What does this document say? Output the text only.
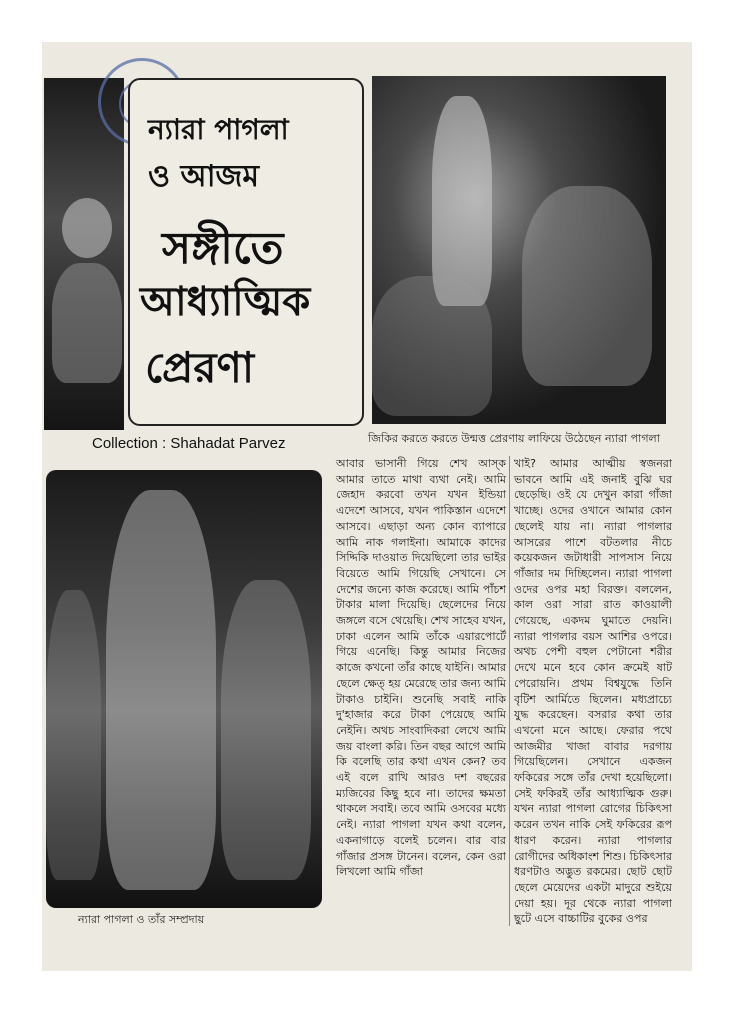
ন্যারা পাগলা
ও আজম
সঙ্গীতে
আধ্যাত্মিক
প্রেরণা
জিকির করতে করতে উন্মত্ত প্রেরণায় লাফিয়ে উঠেছেন ন্যারা পাগলা
Collection : Shahadat Parvez
ন্যারা পাগলা ও তাঁর সম্প্রদায়

আবার ভাসানী গিয়ে শেখ আস্‌ক আমার তাতে মাথা ব্যথা নেই। আমি জেহাদ করবো তখন যখন ইন্ডিয়া এদেশে আসবে, যখন পাকিস্তান এদেশে আসবে। এছাড়া অন্য কোন ব্যাপারে আমি নাক গলাইনা। আমাকে কাদের সিদ্দিকি দাওয়াত দিয়েছিলো তার ভাইর বিয়েতে আমি গিয়েছি সেখানে। সে দেশের জন্যে কাজ করেছে। আমি পাঁচশ টাকার মালা দিয়েছি। ছেলেদের নিয়ে জঙ্গলে বসে থেয়েছি। শেখ সাহেব যখন, ঢাকা এলেন আমি তাঁকে এয়ারপোর্টে গিয়ে এনেছি। কিন্তু আমার নিজের কাজে কখনো তাঁর কাছে যাইনি। আমার ছেলে ক্ষেত্‌ হয় মেরেছে তার জন্য আমি টাকাও চাইনি। শুনেছি সবাই নাকি দু'হাজার করে টাকা পেয়েছে আমি নেইনি। অথচ সাংবাদিকরা লেখে আমি জয় বাংলা করি। তিন বছর আগে আমি কি বলেছি তার কথা এখন কেন? তব এই বলে রাখি আরও দশ বছরের ম্যজিবের কিছু হবে না। তাদের ক্ষমতা থাকলে সবাই। তবে আমি ওসবের মধ্যে নেই। ন্যারা পাগলা যখন কথা বলেন, একনাগাড়ে বলেই চলেন। বার বার গাঁজার প্রসঙ্গ টানেন। বলেন, কেন ওরা লিখলো আমি গাঁজা

খাই? আমার আত্মীয় স্বজনরা ভাবনে আমি এই জনাই বুঝি ঘর ছেড়েছি। ওই যে দেখুন কারা গাঁজা খাচ্ছে। ওদের ওখানে আমার কোন ছেলেই যায় না। ন্যারা পাগলার আসরের পাশে বটতলার নীচে কয়েকজন জটাধারী সাপসাস নিয়ে গাঁজার দম দিচ্ছিলেন। ন্যারা পাগলা ওদের ওপর মহা বিরক্ত। বললেন, কাল ওরা সারা রাত কাওয়ালী গেয়েছে, একদম ঘুমাতে দেয়নি। ন্যারা পাগলার বয়স আশির ওপরে। অথচ পেশী বহুল পেটানো শরীর দেখে মনে হবে কোন ক্রমেই ষাট পেরোয়নি। প্রথম বিশ্বযুদ্ধে তিনি বৃটিশ আর্মিতে ছিলেন। মধ্যপ্রাচ্যে যুদ্ধ করেছেন। বসরার কথা তার এখনো মনে আছে। ফেরার পথে আজমীর খাজা বাবার দরগায় গিয়েছিলেন। সেখানে একজন ফকিরের সঙ্গে তাঁর দেখা হয়েছিলো। সেই ফকিরই তাঁর আধ্যাত্মিক গুরু। যখন ন্যারা পাগলা রোগের চিকিৎসা করেন তখন নাকি সেই ফকিরের রূপ ধারণ করেন। ন্যারা পাগলার রোগীদের অধিকাংশ শিশু। চিকিৎসার ধরণটাও অদ্ভুত রকমের। ছোট ছোট ছেলে মেয়েদের একটা মাদুরে শুইয়ে দেয়া হয়। দূর থেকে ন্যারা পাগলা ছুটে এসে বাচ্চাটির বুকের ওপর
